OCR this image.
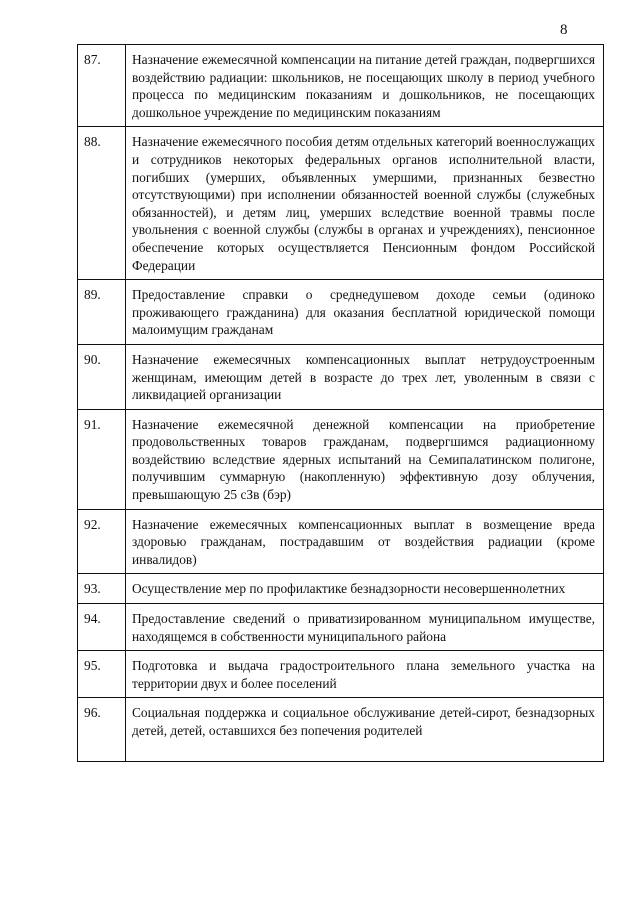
8
87.	Назначение ежемесячной компенсации на питание детей граждан, подвергшихся воздействию радиации: школьников, не посещающих школу в период учебного процесса по медицинским показаниям и дошкольников, не посещающих дошкольное учреждение по медицинским показаниям
88.	Назначение ежемесячного пособия детям отдельных категорий военнослужащих и сотрудников некоторых федеральных органов исполнительной власти, погибших (умерших, объявленных умершими, признанных безвестно отсутствующими) при исполнении обязанностей военной службы (служебных обязанностей), и детям лиц, умерших вследствие военной травмы после увольнения с военной службы (службы в органах и учреждениях), пенсионное обеспечение которых осуществляется Пенсионным фондом Российской Федерации
89.	Предоставление справки о среднедушевом доходе семьи (одиноко проживающего гражданина) для оказания бесплатной юридической помощи малоимущим гражданам
90.	Назначение ежемесячных компенсационных выплат нетрудоустроенным женщинам, имеющим детей в возрасте до трех лет, уволенным в связи с ликвидацией организации
91.	Назначение ежемесячной денежной компенсации на приобретение продовольственных товаров гражданам, подвергшимся радиационному воздействию вследствие ядерных испытаний на Семипалатинском полигоне, получившим суммарную (накопленную) эффективную дозу облучения, превышающую 25 сЗв (бэр)
92.	Назначение ежемесячных компенсационных выплат в возмещение вреда здоровью гражданам, пострадавшим от воздействия радиации (кроме инвалидов)
93.	Осуществление мер по профилактике безнадзорности несовершеннолетних
94.	Предоставление сведений о приватизированном муниципальном имуществе, находящемся в собственности муниципального района
95.	Подготовка и выдача градостроительного плана земельного участка на территории двух и более поселений
96.	Социальная поддержка и социальное обслуживание детей-сирот, безнадзорных детей, детей, оставшихся без попечения родителей
